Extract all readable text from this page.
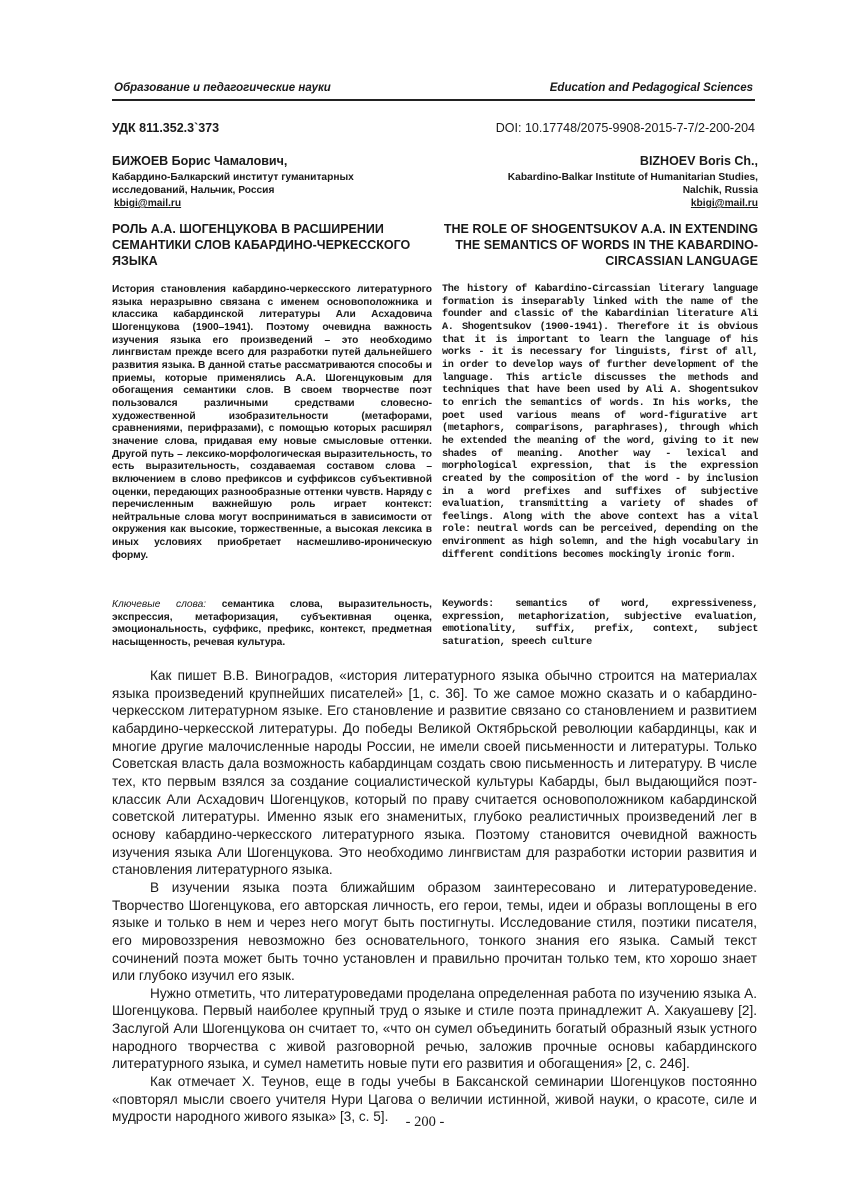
Образование и педагогические науки	Education and Pedagogical Sciences
УДК 811.352.3`373	DOI: 10.17748/2075-9908-2015-7-7/2-200-204
БИЖОЕВ Борис Чамалович,
Кабардино-Балкарский институт гуманитарных
исследований, Нальчик, Россия
kbigi@mail.ru
РОЛЬ А.А. ШОГЕНЦУКОВА В РАСШИРЕНИИ СЕМАНТИКИ СЛОВ КАБАРДИНО-ЧЕРКЕССКОГО ЯЗЫКА
История становления кабардино-черкесского литературного языка неразрывно связана с именем основоположника и классика кабардинской литературы Али Асхадовича Шогенцукова (1900–1941). Поэтому очевидна важность изучения языка его произведений – это необходимо лингвистам прежде всего для разработки путей дальнейшего развития языка. В данной статье рассматриваются способы и приемы, которые применялись А.А. Шогенцуковым для обогащения семантики слов. В своем творчестве поэт пользовался различными средствами словесно-художественной изобразительности (метафорами, сравнениями, перифразами), с помощью которых расширял значение слова, придавая ему новые смысловые оттенки. Другой путь – лексико-морфологическая выразительность, то есть выразительность, создаваемая составом слова – включением в слово префиксов и суффиксов субъективной оценки, передающих разнообразные оттенки чувств. Наряду с перечисленным важнейшую роль играет контекст: нейтральные слова могут восприниматься в зависимости от окружения как высокие, торжественные, а высокая лексика в иных условиях приобретает насмешливо-ироническую форму.
Ключевые слова: семантика слова, выразительность, экспрессия, метафоризация, субъективная оценка, эмоциональность, суффикс, префикс, контекст, предметная насыщенность, речевая культура.
BIZHOEV Boris Ch.,
Kabardino-Balkar Institute of Humanitarian Studies,
Nalchik, Russia
kbigi@mail.ru
THE ROLE OF SHOGENTSUKOV A.A. IN EXTENDING THE SEMANTICS OF WORDS IN THE KABARDINO-CIRCASSIAN LANGUAGE
The history of Kabardino-Circassian literary language formation is inseparably linked with the name of the founder and classic of the Kabardinian literature Ali A. Shogentsukov (1900-1941). Therefore it is obvious that it is important to learn the language of his works - it is necessary for linguists, first of all, in order to develop ways of further development of the language. This article discusses the methods and techniques that have been used by Ali A. Shogentsukov to enrich the semantics of words. In his works, the poet used various means of word-figurative art (metaphors, comparisons, paraphrases), through which he extended the meaning of the word, giving to it new shades of meaning. Another way - lexical and morphological expression, that is the expression created by the composition of the word - by inclusion in a word prefixes and suffixes of subjective evaluation, transmitting a variety of shades of feelings. Along with the above context has a vital role: neutral words can be perceived, depending on the environment as high solemn, and the high vocabulary in different conditions becomes mockingly ironic form.
Keywords: semantics of word, expressiveness, expression, metaphorization, subjective evaluation, emotionality, suffix, prefix, context, subject saturation, speech culture

Как пишет В.В. Виноградов, «история литературного языка обычно строится на материалах языка произведений крупнейших писателей» [1, с. 36]. То же самое можно сказать и о кабардино-черкесском литературном языке. Его становление и развитие связано со становлением и развитием кабардино-черкесской литературы. До победы Великой Октябрьской революции кабардинцы, как и многие другие малочисленные народы России, не имели своей письменности и литературы. Только Советская власть дала возможность кабардинцам создать свою письменность и литературу. В числе тех, кто первым взялся за создание социалистической культуры Кабарды, был выдающийся поэт-классик Али Асхадович Шогенцуков, который по праву считается основоположником кабардинской советской литературы. Именно язык его знаменитых, глубоко реалистичных произведений лег в основу кабардино-черкесского литературного языка. Поэтому становится очевидной важность изучения языка Али Шогенцукова. Это необходимо лингвистам для разработки истории развития и становления литературного языка.

В изучении языка поэта ближайшим образом заинтересовано и литературоведение. Творчество Шогенцукова, его авторская личность, его герои, темы, идеи и образы воплощены в его языке и только в нем и через него могут быть постигнуты. Исследование стиля, поэтики писателя, его мировоззрения невозможно без основательного, тонкого знания его языка. Самый текст сочинений поэта может быть точно установлен и правильно прочитан только тем, кто хорошо знает или глубоко изучил его язык.

Нужно отметить, что литературоведами проделана определенная работа по изучению языка А. Шогенцукова. Первый наиболее крупный труд о языке и стиле поэта принадлежит А. Хакуашеву [2]. Заслугой Али Шогенцукова он считает то, «что он сумел объединить богатый образный язык устного народного творчества с живой разговорной речью, заложив прочные основы кабардинского литературного языка, и сумел наметить новые пути его развития и обогащения» [2, с. 246].

Как отмечает Х. Теунов, еще в годы учебы в Баксанской семинарии Шогенцуков постоянно «повторял мысли своего учителя Нури Цагова о величии истинной, живой науки, о красоте, силе и мудрости народного живого языка» [3, с. 5].	- 200 -
